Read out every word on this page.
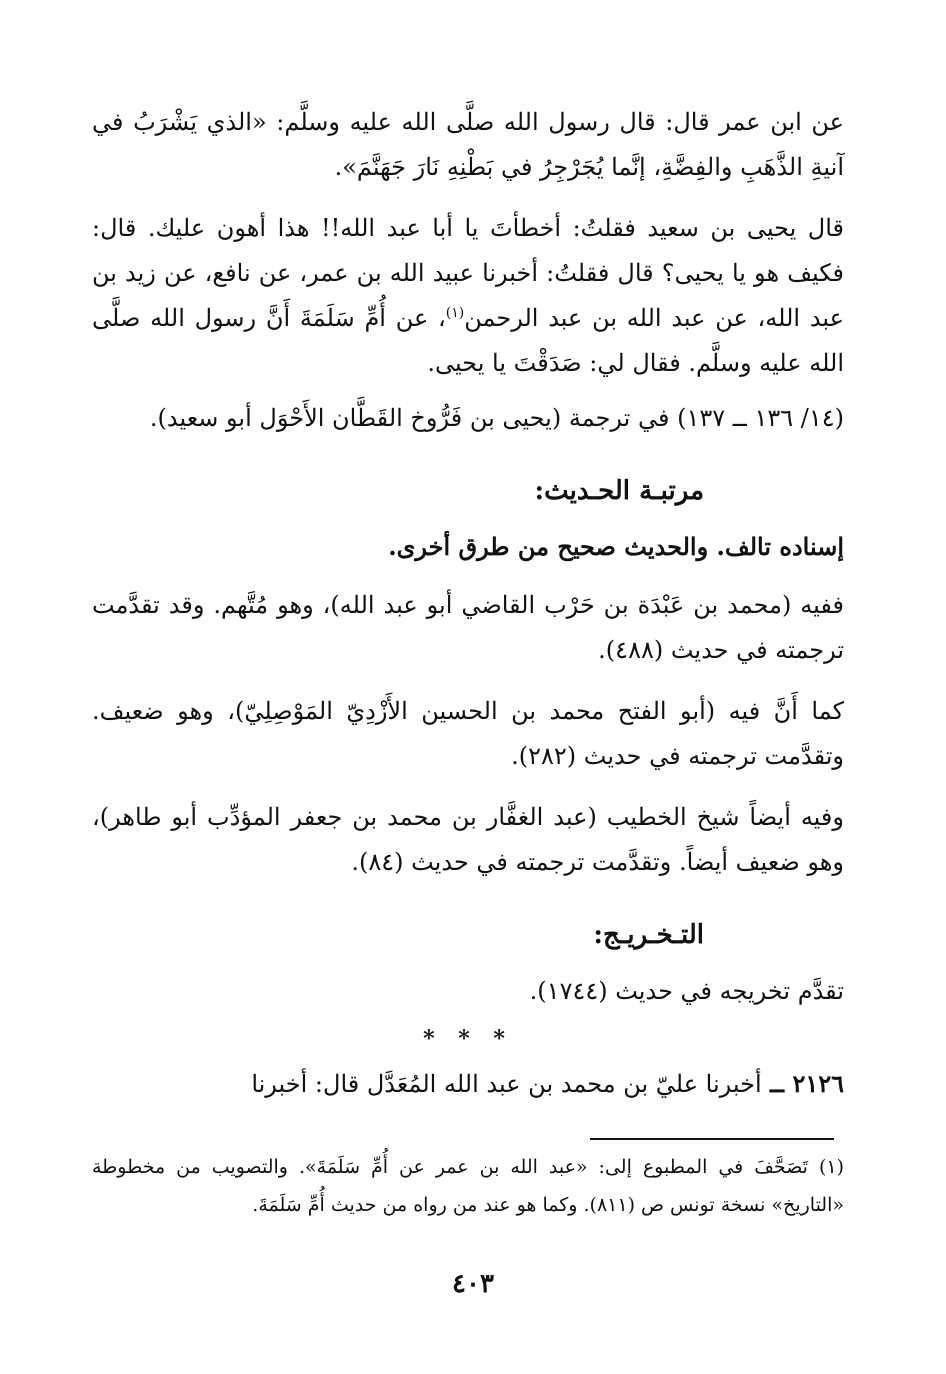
عن ابن عمر قال: قال رسول الله صلَّى الله عليه وسلَّم: «الذي يَشْرَبُ في آنيةِ الذَّهَبِ والفِضَّةِ، إنَّما يُجَرْجِرُ في بَطْنِهِ نَارَ جَهَنَّمَ».

قال يحيى بن سعيد فقلتُ: أخطأتَ يا أبا عبد الله!! هذا أهون عليك. قال: فكيف هو يا يحيى؟ قال فقلتُ: أخبرنا عبيد الله بن عمر، عن نافع، عن زيد بن عبد الله، عن عبد الله بن عبد الرحمن$^{(١)}$، عن أُمِّ سَلَمَةَ أَنَّ رسول الله صلَّى الله عليه وسلَّم. فقال لي: صَدَقْتَ يا يحيى.

(١٤/ ١٣٦ ــ ١٣٧) في ترجمة (يحيى بن فَرُّوخ القَطَّان الأَحْوَل أبو سعيد).

مرتبـة الحـديث:
إسناده تالف. والحديث صحيح من طرق أخرى.

ففيه (محمد بن عَبْدَة بن حَرْب القاضي أبو عبد الله)، وهو مُتَّهم. وقد تقدَّمت ترجمته في حديث (٤٨٨).

كما أَنَّ فيه (أبو الفتح محمد بن الحسين الأَزْدِيّ المَوْصِلِيّ)، وهو ضعيف. وتقدَّمت ترجمته في حديث (٢٨٢).

وفيه أيضاً شيخ الخطيب (عبد الغفَّار بن محمد بن جعفر المؤدِّب أبو طاهر)، وهو ضعيف أيضاً. وتقدَّمت ترجمته في حديث (٨٤).

التـخـريـج:

تقدَّم تخريجه في حديث (١٧٤٤).

* * *

٢١٢٦ ــ أخبرنا عليّ بن محمد بن عبد الله المُعَدَّل قال: أخبرنا

(١) تَصَحَّفَ في المطبوع إلى: «عبد الله بن عمر عن أُمِّ سَلَمَةَ». والتصويب من مخطوطة «التاريخ» نسخة تونس ص (٨١١). وكما هو عند من رواه من حديث أُمِّ سَلَمَةَ.

٤٠٣
